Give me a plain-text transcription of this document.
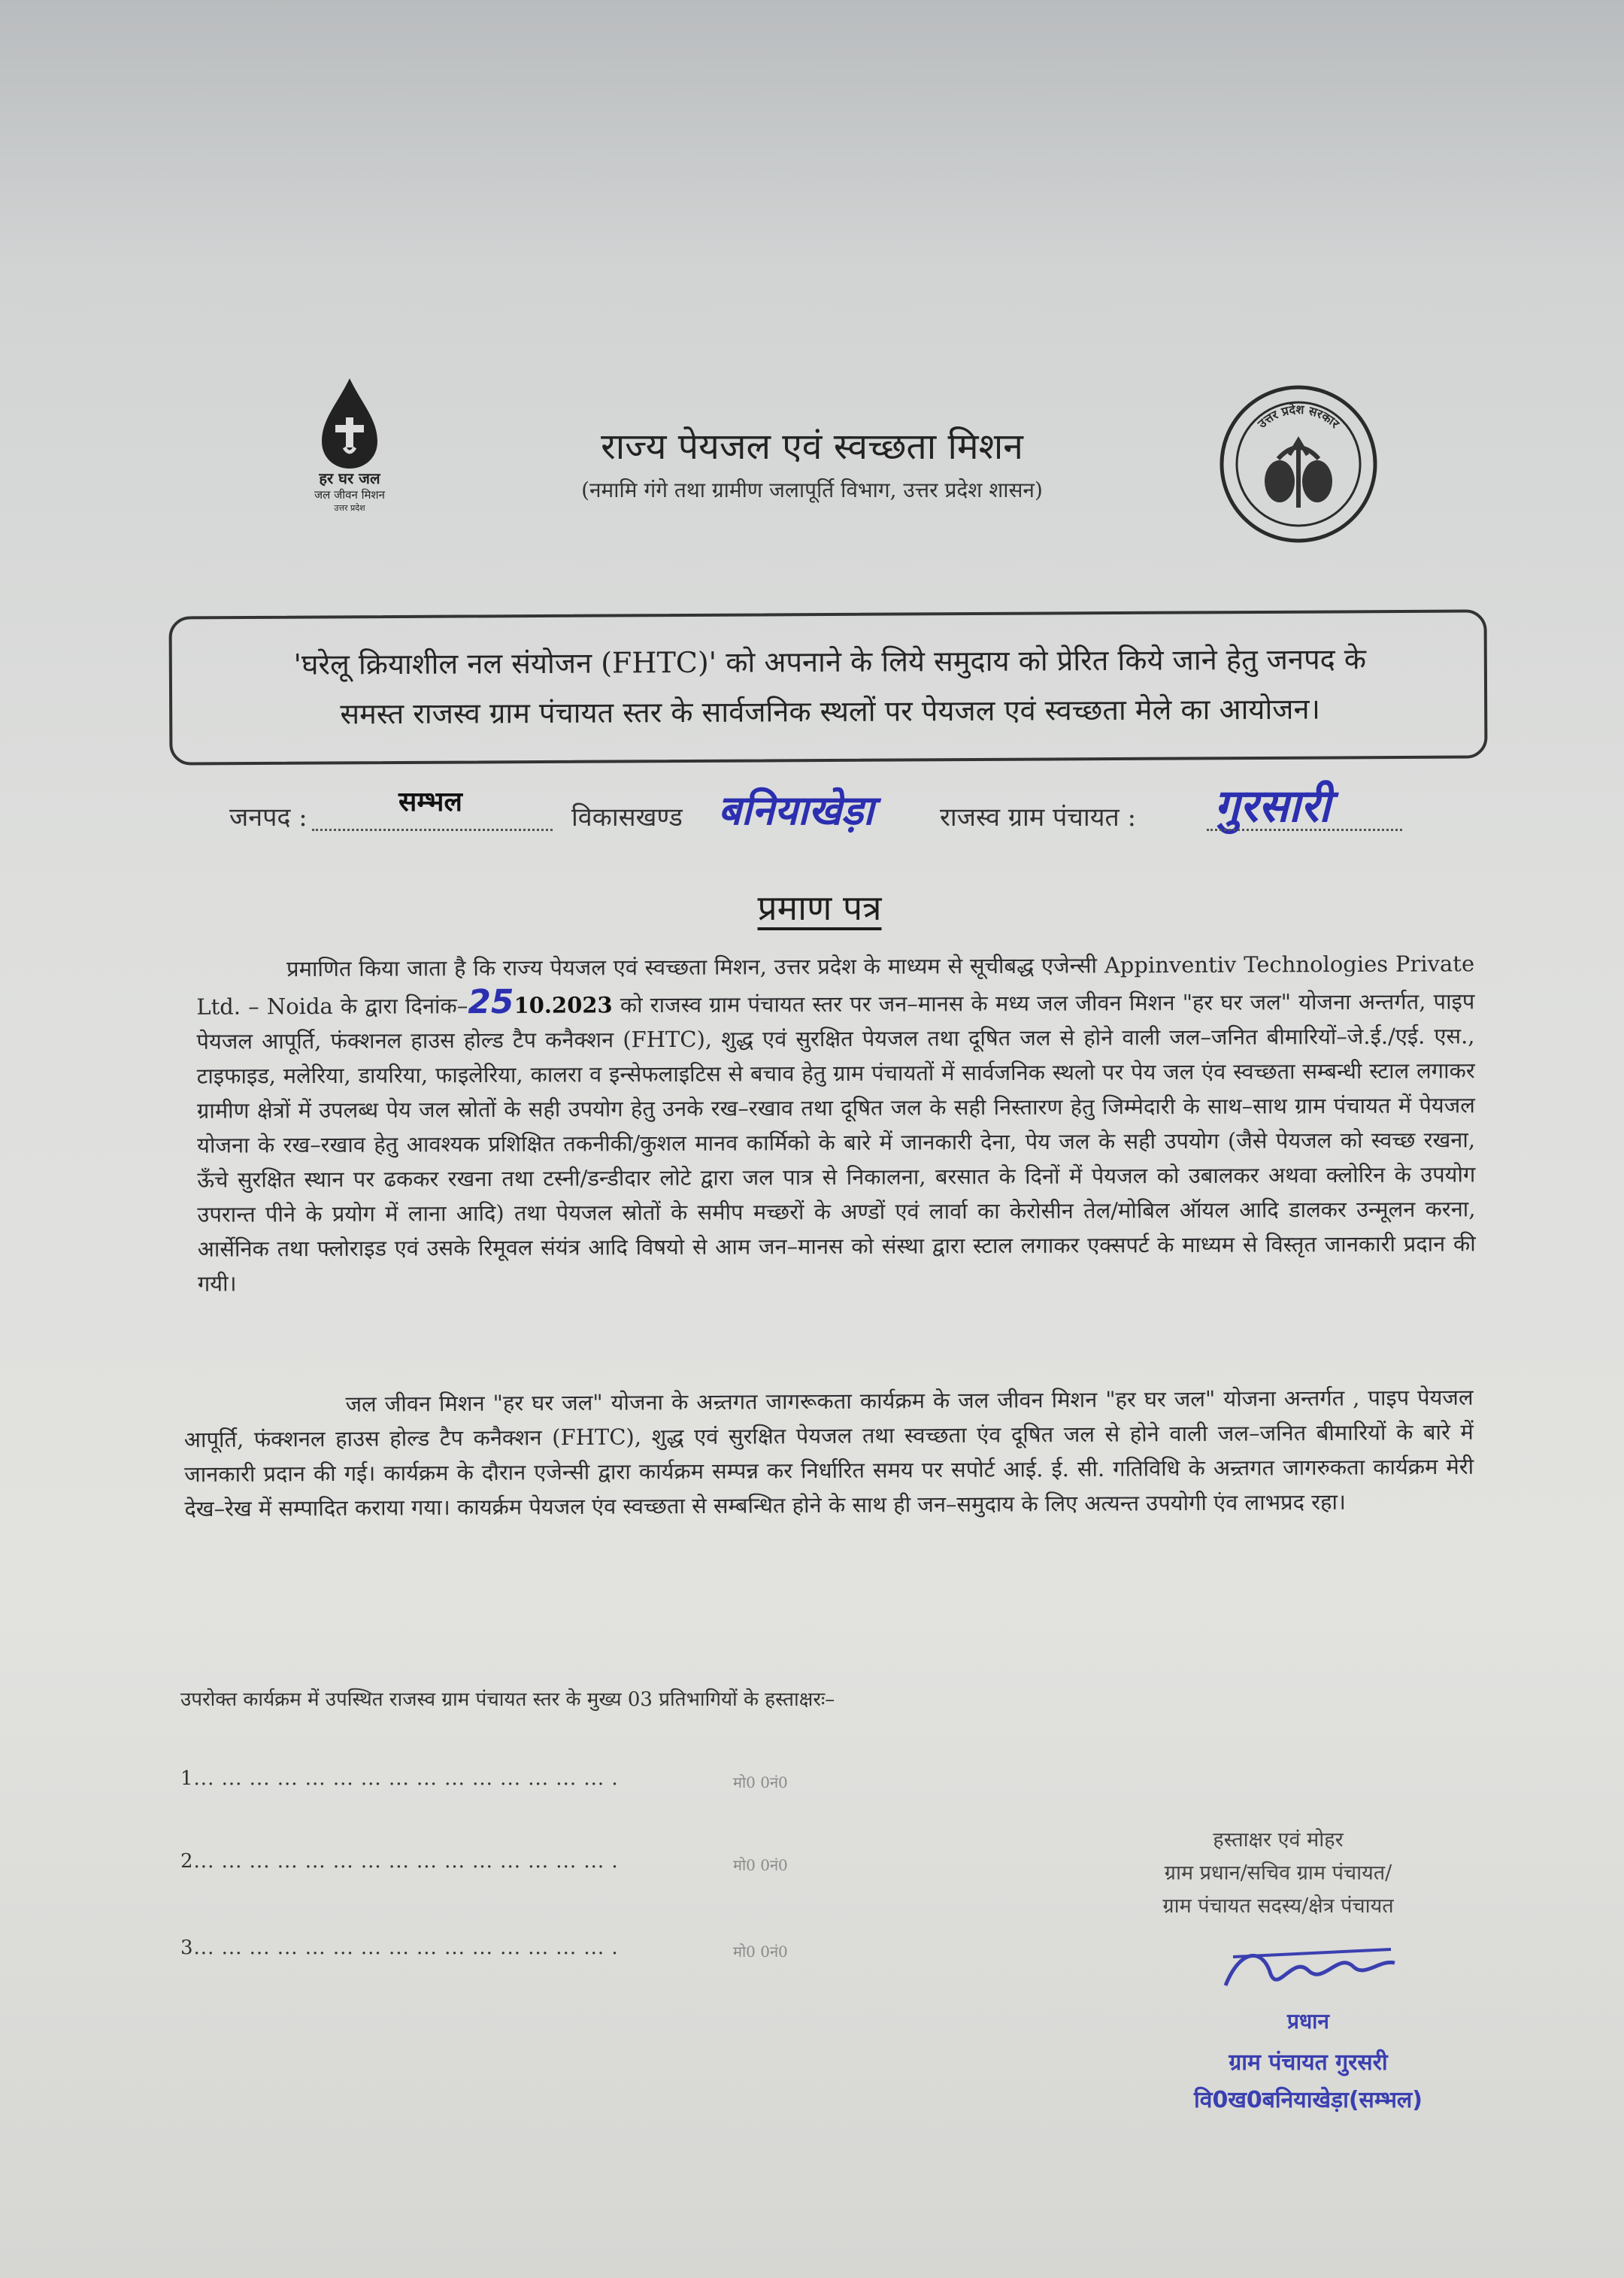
हर घर जल
जल जीवन मिशन
उत्तर प्रदेश
राज्य पेयजल एवं स्वच्छता मिशन
(नमामि गंगे तथा ग्रामीण जलापूर्ति विभाग, उत्तर प्रदेश शासन)
उत्तर प्रदेश सरकार
'घरेलू क्रियाशील नल संयोजन (FHTC)' को अपनाने के लिये समुदाय को प्रेरित किये जाने हेतु जनपद के
समस्त राजस्व ग्राम पंचायत स्तर के सार्वजनिक स्थलों पर पेयजल एवं स्वच्छता मेले का आयोजन।
जनपद :	सम्भल	विकासखण्ड बनियाखेड़ा	राजस्व ग्राम पंचायत : गुरसारी
प्रमाण पत्र
प्रमाणित किया जाता है कि राज्य पेयजल एवं स्वच्छता मिशन, उत्तर प्रदेश के माध्यम से सूचीबद्ध एजेन्सी Appinventiv Technologies Private Ltd. – Noida के द्वारा दिनांक–2510.2023 को राजस्व ग्राम पंचायत स्तर पर जन–मानस के मध्य जल जीवन मिशन "हर घर जल" योजना अन्तर्गत, पाइप पेयजल आपूर्ति, फंक्शनल हाउस होल्ड टैप कनैक्शन (FHTC), शुद्ध एवं सुरक्षित पेयजल तथा दूषित जल से होने वाली जल–जनित बीमारियों–जे.ई./एई. एस., टाइफाइड, मलेरिया, डायरिया, फाइलेरिया, कालरा व इन्सेफलाइटिस से बचाव हेतु ग्राम पंचायतों में सार्वजनिक स्थलो पर पेय जल एंव स्वच्छता सम्बन्धी स्टाल लगाकर ग्रामीण क्षेत्रों में उपलब्ध पेय जल स्रोतों के सही उपयोग हेतु उनके रख–रखाव तथा दूषित जल के सही निस्तारण हेतु जिम्मेदारी के साथ–साथ ग्राम पंचायत में पेयजल योजना के रख–रखाव हेतु आवश्यक प्रशिक्षित तकनीकी/कुशल मानव कार्मिको के बारे में जानकारी देना, पेय जल के सही उपयोग (जैसे पेयजल को स्वच्छ रखना, ऊँचे सुरक्षित स्थान पर ढककर रखना तथा टस्नी/डन्डीदार लोटे द्वारा जल पात्र से निकालना, बरसात के दिनों में पेयजल को उबालकर अथवा क्लोरिन के उपयोग उपरान्त पीने के प्रयोग में लाना आदि) तथा पेयजल स्रोतों के समीप मच्छरों के अण्डों एवं लार्वा का केरोसीन तेल/मोबिल ऑयल आदि डालकर उन्मूलन करना, आर्सेनिक तथा फ्लोराइड एवं उसके रिमूवल संयंत्र आदि विषयो से आम जन–मानस को संस्था द्वारा स्टाल लगाकर एक्सपर्ट के माध्यम से विस्तृत जानकारी प्रदान की गयी।
जल जीवन मिशन "हर घर जल" योजना के अन्र्तगत जागरूकता कार्यक्रम के जल जीवन मिशन "हर घर जल" योजना अन्तर्गत , पाइप पेयजल आपूर्ति, फंक्शनल हाउस होल्ड टैप कनैक्शन (FHTC), शुद्ध एवं सुरक्षित पेयजल तथा स्वच्छता एंव दूषित जल से होने वाली जल–जनित बीमारियों के बारे में जानकारी प्रदान की गई। कार्यक्रम के दौरान एजेन्सी द्वारा कार्यक्रम सम्पन्न कर निर्धारित समय पर सपोर्ट आई. ई. सी. गतिविधि के अन्र्तगत जागरुकता कार्यक्रम मेरी देख–रेख में सम्पादित कराया गया। कायर्क्रम पेयजल एंव स्वच्छता से सम्बन्धित होने के साथ ही जन–समुदाय के लिए अत्यन्त उपयोगी एंव लाभप्रद रहा।
उपरोक्त कार्यक्रम में उपस्थित राजस्व ग्राम पंचायत स्तर के मुख्य 03 प्रतिभागियों के हस्ताक्षरः–
1... ... ... ... ... ... ... ... ... ... ... ... ... ... ... .	मो0 0नं0
2... ... ... ... ... ... ... ... ... ... ... ... ... ... ... .	मो0 0नं0
3... ... ... ... ... ... ... ... ... ... ... ... ... ... ... .	मो0 0नं0
हस्ताक्षर एवं मोहर
ग्राम प्रधान/सचिव ग्राम पंचायत/
ग्राम पंचायत सदस्य/क्षेत्र पंचायत
प्रधान
ग्राम पंचायत गुरसरी
वि0ख0बनियाखेड़ा(सम्भल)
